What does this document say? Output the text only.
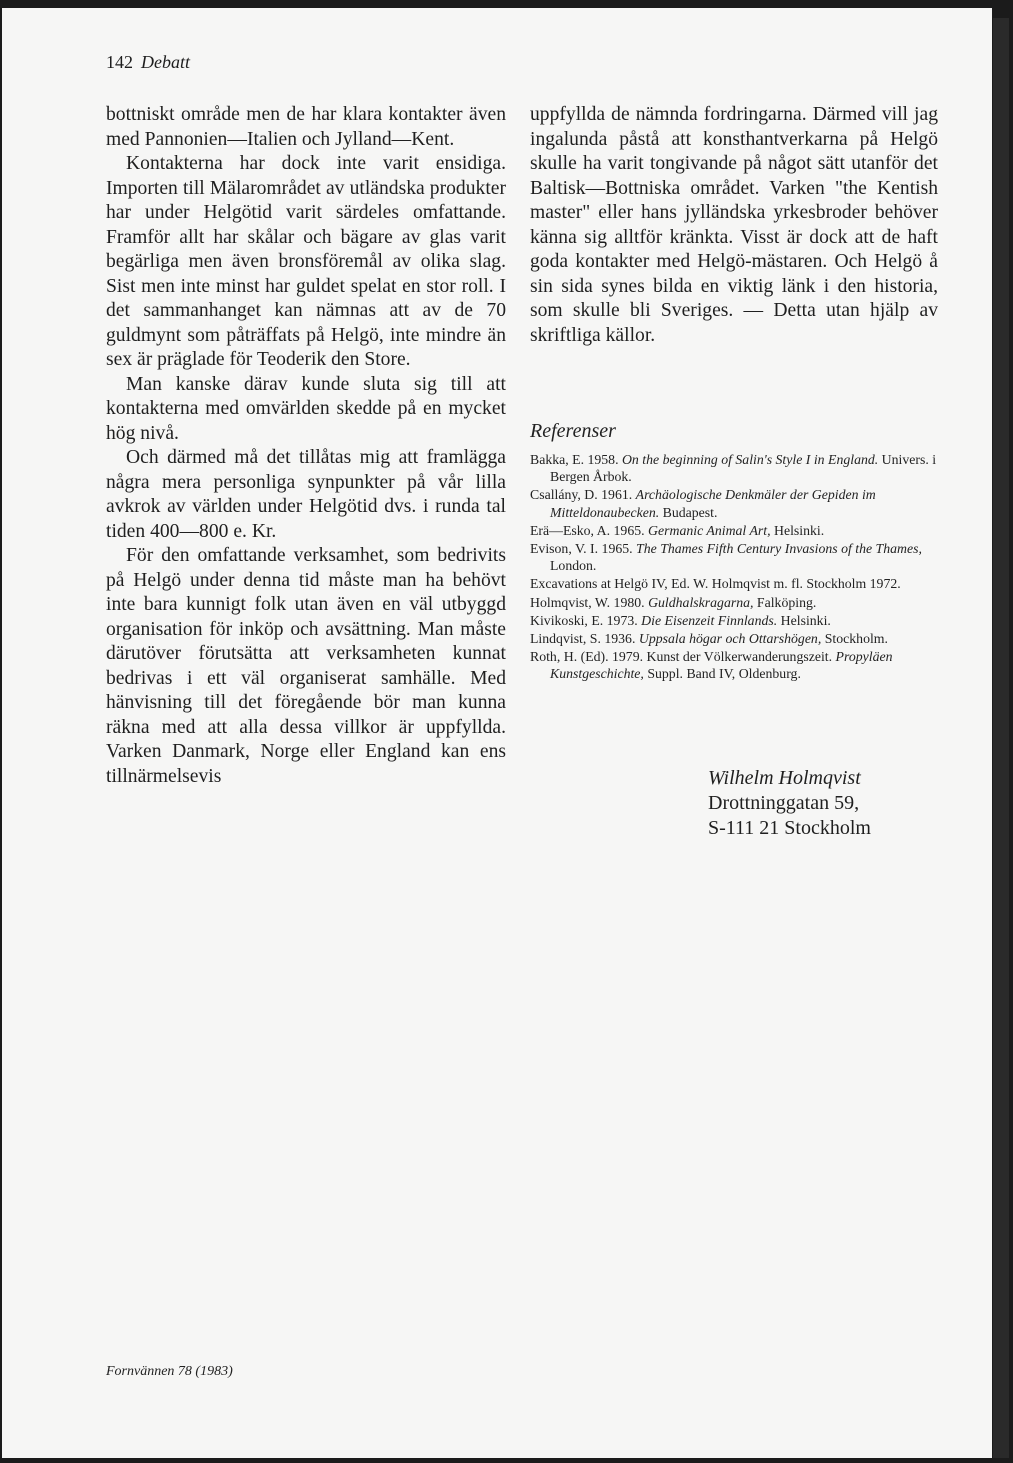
142 Debatt

bottniskt område men de har klara kontakter även med Pannonien—Italien och Jylland—Kent.

Kontakterna har dock inte varit ensidiga. Importen till Mälarområdet av utländska produkter har under Helgötid varit särdeles omfattande. Framför allt har skålar och bägare av glas varit begärliga men även bronsföremål av olika slag. Sist men inte minst har guldet spelat en stor roll. I det sammanhanget kan nämnas att av de 70 guldmynt som påträffats på Helgö, inte mindre än sex är präglade för Teoderik den Store.

Man kanske därav kunde sluta sig till att kontakterna med omvärlden skedde på en mycket hög nivå.

Och därmed må det tillåtas mig att framlägga några mera personliga synpunkter på vår lilla avkrok av världen under Helgötid dvs. i runda tal tiden 400—800 e. Kr.

För den omfattande verksamhet, som bedrivits på Helgö under denna tid måste man ha behövt inte bara kunnigt folk utan även en väl utbyggd organisation för inköp och avsättning. Man måste därutöver förutsätta att verksamheten kunnat bedrivas i ett väl organiserat samhälle. Med hänvisning till det föregående bör man kunna räkna med att alla dessa villkor är uppfyllda. Varken Danmark, Norge eller England kan ens tillnärmelsevis

uppfyllda de nämnda fordringarna. Därmed vill jag ingalunda påstå att konsthantverkarna på Helgö skulle ha varit tongivande på något sätt utanför det Baltisk—Bottniska området. Varken "the Kentish master" eller hans jylländska yrkesbroder behöver känna sig alltför kränkta. Visst är dock att de haft goda kontakter med Helgö-mästaren. Och Helgö å sin sida synes bilda en viktig länk i den historia, som skulle bli Sveriges. — Detta utan hjälp av skriftliga källor.

Referenser
Bakka, E. 1958. On the beginning of Salin's Style I in England. Univers. i Bergen Årbok.
Csallány, D. 1961. Archäologische Denkmäler der Gepiden im Mitteldonaubecken. Budapest.
Erä—Esko, A. 1965. Germanic Animal Art, Helsinki.
Evison, V. I. 1965. The Thames Fifth Century Invasions of the Thames, London.
Excavations at Helgö IV, Ed. W. Holmqvist m. fl. Stockholm 1972.
Holmqvist, W. 1980. Guldhalskragarna, Falköping.
Kivikoski, E. 1973. Die Eisenzeit Finnlands. Helsinki.
Lindqvist, S. 1936. Uppsala högar och Ottarshögen, Stockholm.
Roth, H. (Ed). 1979. Kunst der Völkerwanderungszeit. Propyläen Kunstgeschichte, Suppl. Band IV, Oldenburg.
Wilhelm Holmqvist
Drottninggatan 59,
S-111 21 Stockholm
Fornvännen 78 (1983)
